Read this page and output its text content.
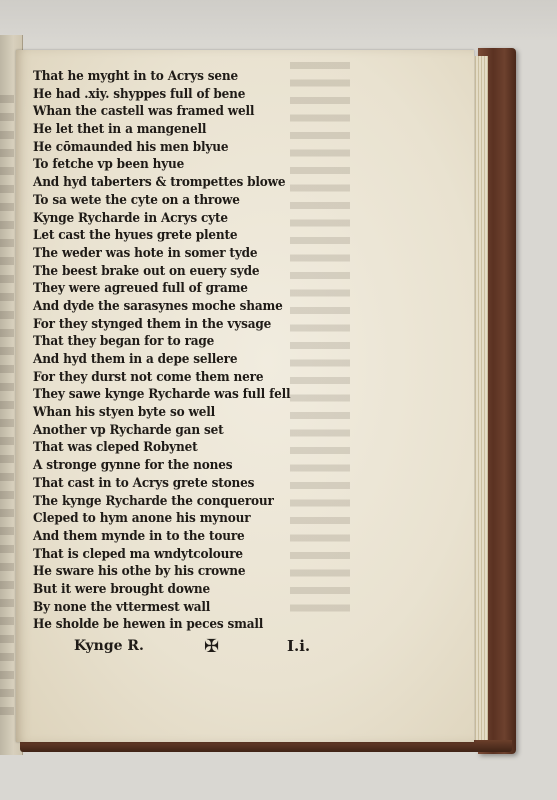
That he myght in to Acrys sene
He had .xiy. shyppes full of bene
Whan the castell was framed well
He let thet in a mangenell
He cōmaunded his men blyue
To fetche vp been hyue
And hyd taberters & trompettes blowe
To sa wete the cyte on a throwe
Kynge Rycharde in Acrys cyte
Let cast the hyues grete plente
The weder was hote in somer tyde
The beest brake out on euery syde
They were agreued full of grame
And dyde the sarasynes moche shame
For they stynged them in the vysage
That they began for to rage
And hyd them in a depe sellere
For they durst not come them nere
They sawe kynge Rycharde was full fell
Whan his styen byte so well
Another vp Rycharde gan set
That was cleped Robynet
A stronge gynne for the nones
That cast in to Acrys grete stones
The kynge Rycharde the conquerour
Cleped to hym anone his mynour
And them mynde in to the toure
That is cleped ma wndytcoloure
He sware his othe by his crowne
But it were brought downe
By none the vttermest wall
He sholde be hewen in peces small
Kynge R.	✠	I.i.
